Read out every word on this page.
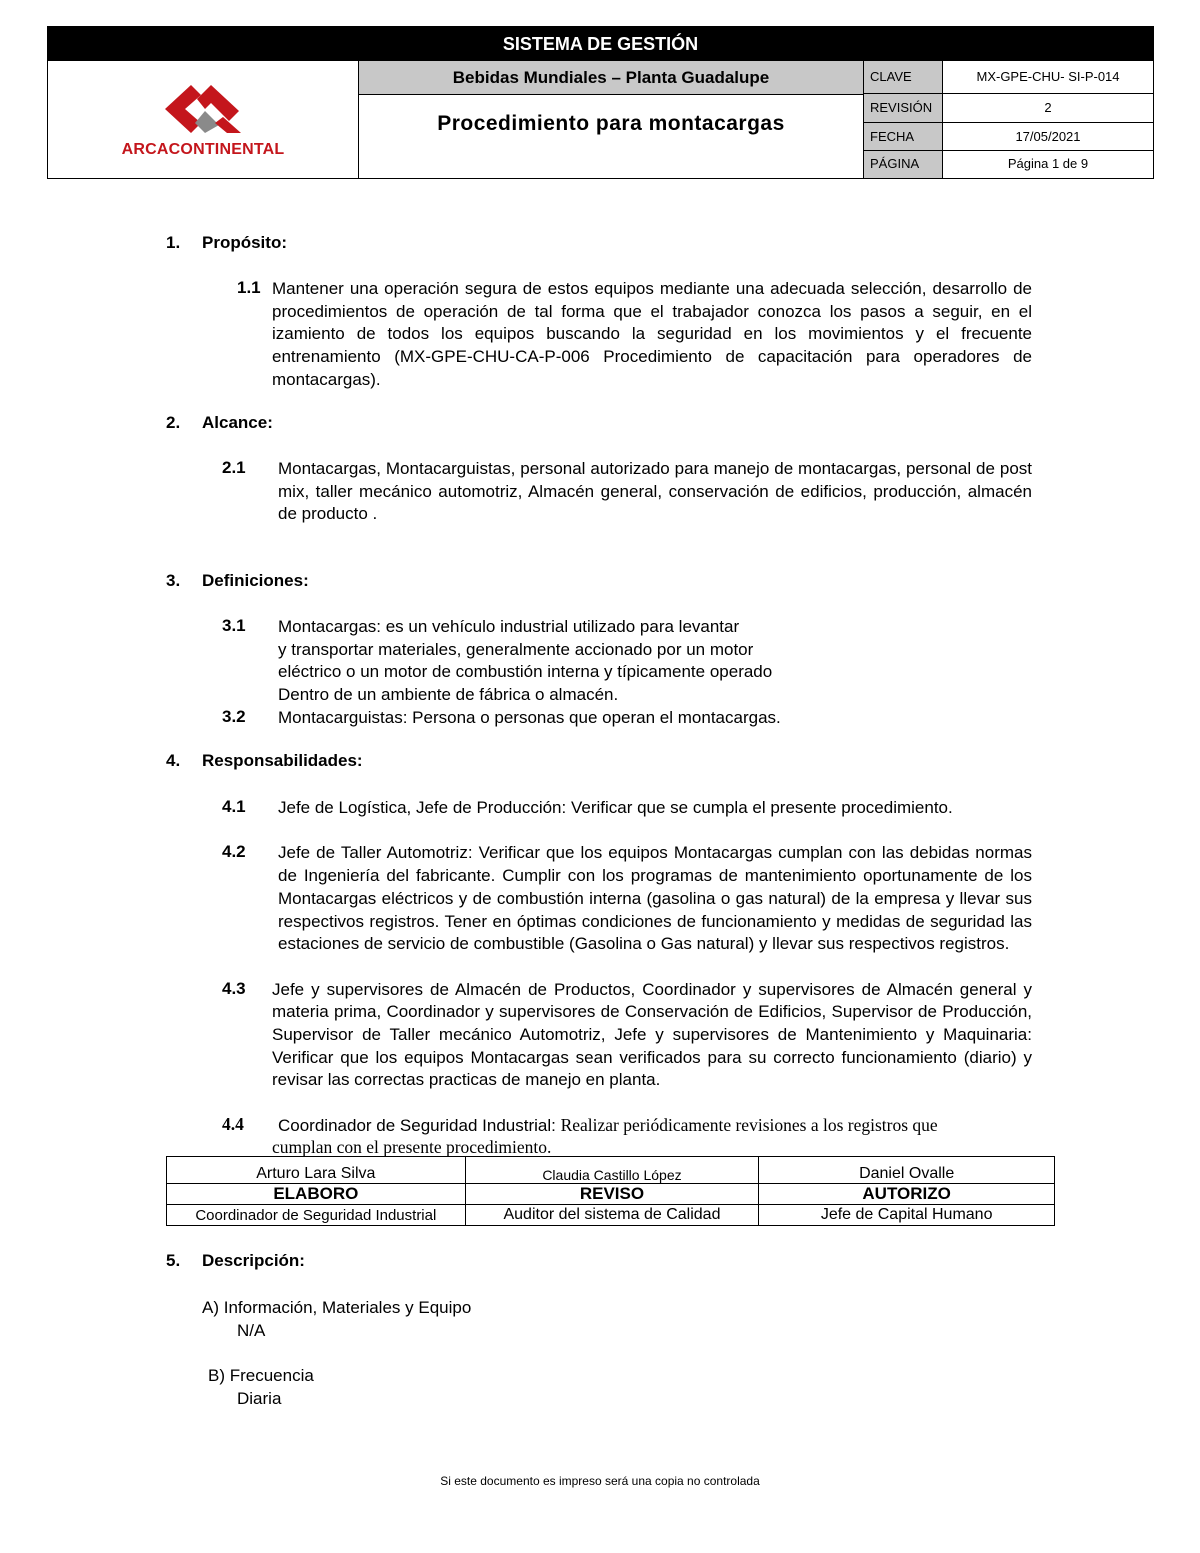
SISTEMA DE GESTIÓN
ARCACONTINENTAL
Bebidas Mundiales – Planta Guadalupe
Procedimiento para montacargas
CLAVE	MX-GPE-CHU- SI-P-014
REVISIÓN	2
FECHA	17/05/2021
PÁGINA	Página 1 de 9
1. Propósito:
1.1 Mantener una operación segura de estos equipos mediante una adecuada selección, desarrollo de procedimientos de operación de tal forma que el trabajador conozca los pasos a seguir, en el izamiento de todos los equipos buscando la seguridad en los movimientos y el frecuente entrenamiento (MX-GPE-CHU-CA-P-006 Procedimiento de capacitación para operadores de montacargas).
2. Alcance:
2.1 Montacargas, Montacarguistas, personal autorizado para manejo de montacargas, personal de post mix, taller mecánico automotriz, Almacén general, conservación de edificios, producción, almacén de producto .
3. Definiciones:
3.1 Montacargas: es un vehículo industrial utilizado para levantar
y transportar materiales, generalmente accionado por un motor
eléctrico o un motor de combustión interna y típicamente operado
Dentro de un ambiente de fábrica o almacén.
3.2 Montacarguistas: Persona o personas que operan el montacargas.
4. Responsabilidades:
4.1 Jefe de Logística, Jefe de Producción: Verificar que se cumpla el presente procedimiento.
4.2 Jefe de Taller Automotriz: Verificar que los equipos Montacargas cumplan con las debidas normas de Ingeniería del fabricante. Cumplir con los programas de mantenimiento oportunamente de los Montacargas eléctricos y de combustión interna (gasolina o gas natural) de la empresa y llevar sus respectivos registros. Tener en óptimas condiciones de funcionamiento y medidas de seguridad las estaciones de servicio de combustible (Gasolina o Gas natural) y llevar sus respectivos registros.
4.3 Jefe y supervisores de Almacén de Productos, Coordinador y supervisores de Almacén general y materia prima, Coordinador y supervisores de Conservación de Edificios, Supervisor de Producción, Supervisor de Taller mecánico Automotriz, Jefe y supervisores de Mantenimiento y Maquinaria: Verificar que los equipos Montacargas sean verificados para su correcto funcionamiento (diario) y revisar las correctas practicas de manejo en planta.
4.4 Coordinador de Seguridad Industrial: Realizar periódicamente revisiones a los registros que
cumplan con el presente procedimiento.
Arturo Lara Silva	Claudia Castillo López	Daniel Ovalle
ELABORO	REVISO	AUTORIZO
Coordinador de Seguridad Industrial	Auditor del sistema de Calidad	Jefe de Capital Humano
5. Descripción:
A) Información, Materiales y Equipo
N/A
B) Frecuencia
Diaria
Si este documento es impreso será una copia no controlada
